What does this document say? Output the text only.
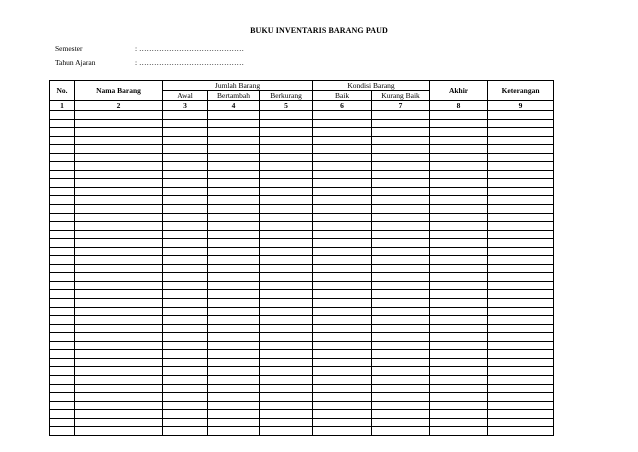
BUKU INVENTARIS BARANG PAUD
Semester	: ……………………………………
Tahun Ajaran	: ……………………………………
No.	Nama Barang	Jumlah Barang			Kondisi Barang		Akhir	Keterangan
		Awal	Bertambah	Berkurang	Baik	Kurang Baik		
1	2	3	4	5	6	7	8	9
